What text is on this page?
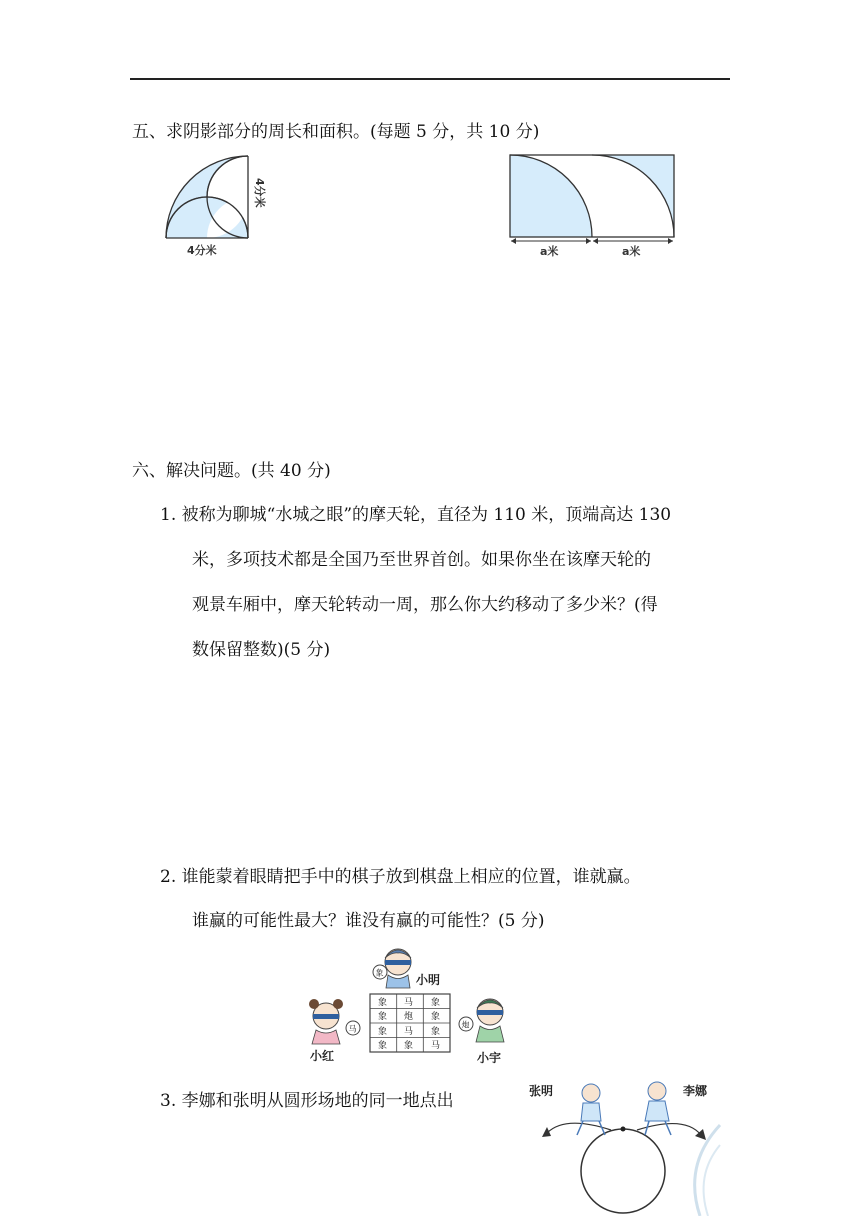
五、求阴影部分的周长和面积。(每题 5 分，共 10 分)
4分米
4分米
a米	a米
六、解决问题。(共 40 分)
1. 被称为聊城“水城之眼”的摩天轮，直径为 110 米，顶端高达 130
米，多项技术都是全国乃至世界首创。如果你坐在该摩天轮的
观景车厢中，摩天轮转动一周，那么你大约移动了多少米？(得
数保留整数)(5 分)
2. 谁能蒙着眼睛把手中的棋子放到棋盘上相应的位置，谁就赢。
谁赢的可能性最大？谁没有赢的可能性？(5 分)
象 马 象
象 炮 象
象 马 象
象 象 马
象	小明
马
小红
炮
小宇
3. 李娜和张明从圆形场地的同一地点出	张明	李娜
